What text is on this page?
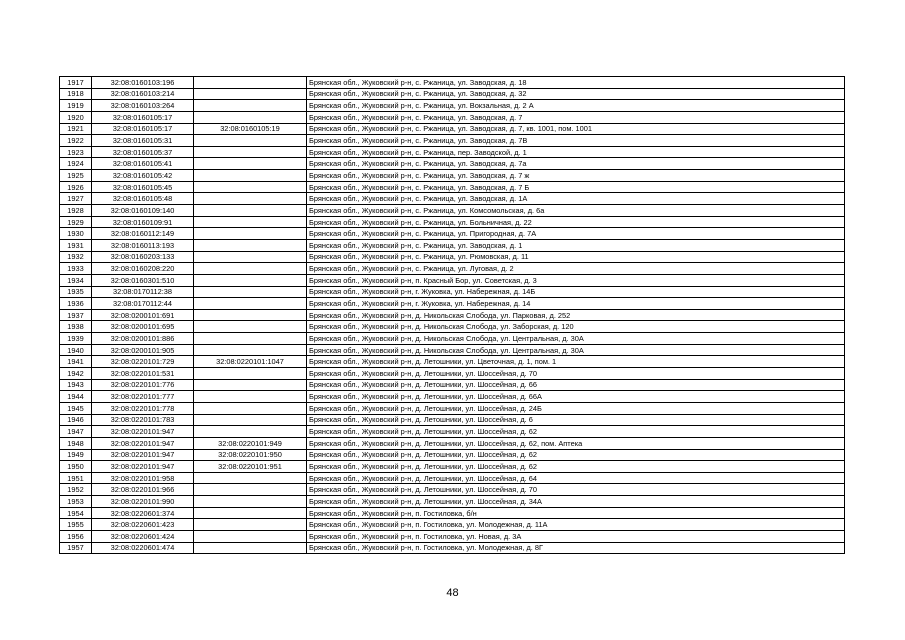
1917	32:08:0160103:196		Брянская обл., Жуковский р-н, с. Ржаница, ул. Заводская, д. 18
1918	32:08:0160103:214		Брянская обл., Жуковский р-н, с. Ржаница, ул. Заводская, д. 32
1919	32:08:0160103:264		Брянская обл., Жуковский р-н, с. Ржаница, ул. Вокзальная, д. 2 А
1920	32:08:0160105:17		Брянская обл., Жуковский р-н, с. Ржаница, ул. Заводская, д. 7
1921	32:08:0160105:17	32:08:0160105:19	Брянская обл., Жуковский р-н, с. Ржаница, ул. Заводская, д. 7, кв. 1001, пом. 1001
1922	32:08:0160105:31		Брянская обл., Жуковский р-н, с. Ржаница, ул. Заводская, д. 7В
1923	32:08:0160105:37		Брянская обл., Жуковский р-н, с. Ржаница, пер. Заводской, д. 1
1924	32:08:0160105:41		Брянская обл., Жуковский р-н, с. Ржаница, ул. Заводская, д. 7а
1925	32:08:0160105:42		Брянская обл., Жуковский р-н, с. Ржаница, ул. Заводская, д. 7 ж
1926	32:08:0160105:45		Брянская обл., Жуковский р-н, с. Ржаница, ул. Заводская, д. 7 Б
1927	32:08:0160105:48		Брянская обл., Жуковский р-н, с. Ржаница, ул. Заводская, д. 1А
1928	32:08:0160109:140		Брянская обл., Жуковский р-н, с. Ржаница, ул. Комсомольская, д. 6а
1929	32:08:0160109:91		Брянская обл., Жуковский р-н, с. Ржаница, ул. Больничная, д. 22
1930	32:08:0160112:149		Брянская обл., Жуковский р-н, с. Ржаница, ул. Пригородная, д. 7А
1931	32:08:0160113:193		Брянская обл., Жуковский р-н, с. Ржаница, ул. Заводская, д. 1
1932	32:08:0160203:133		Брянская обл., Жуковский р-н, с. Ржаница, ул. Рюмовская, д. 11
1933	32:08:0160208:220		Брянская обл., Жуковский р-н, с. Ржаница, ул. Луговая, д. 2
1934	32:08:0160301:510		Брянская обл., Жуковский р-н, п. Красный Бор, ул. Советская, д. 3
1935	32:08:0170112:38		Брянская обл., Жуковский р-н, г. Жуковка, ул. Набережная, д. 14Б
1936	32:08:0170112:44		Брянская обл., Жуковский р-н, г. Жуковка, ул. Набережная, д. 14
1937	32:08:0200101:691		Брянская обл., Жуковский р-н, д. Никольская Слобода, ул. Парковая, д. 252
1938	32:08:0200101:695		Брянская обл., Жуковский р-н, д. Никольская Слобода, ул. Заборская, д. 120
1939	32:08:0200101:886		Брянская обл., Жуковский р-н, д. Никольская Слобода, ул. Центральная, д. 30А
1940	32:08:0200101:905		Брянская обл., Жуковский р-н, д. Никольская Слобода, ул. Центральная, д. 30А
1941	32:08:0220101:729	32:08:0220101:1047	Брянская обл., Жуковский р-н, д. Летошники, ул. Цветочная, д. 1, пом. 1
1942	32:08:0220101:531		Брянская обл., Жуковский р-н, д. Летошники, ул. Шоссейная, д. 70
1943	32:08:0220101:776		Брянская обл., Жуковский р-н, д. Летошники, ул. Шоссейная, д. 66
1944	32:08:0220101:777		Брянская обл., Жуковский р-н, д. Летошники, ул. Шоссейная, д. 66А
1945	32:08:0220101:778		Брянская обл., Жуковский р-н, д. Летошники, ул. Шоссейная, д. 24Б
1946	32:08:0220101:783		Брянская обл., Жуковский р-н, д. Летошники, ул. Шоссейная, д. 6
1947	32:08:0220101:947		Брянская обл., Жуковский р-н, д. Летошники, ул. Шоссейная, д. 62
1948	32:08:0220101:947	32:08:0220101:949	Брянская обл., Жуковский р-н, д. Летошники, ул. Шоссейная, д. 62, пом. Аптека
1949	32:08:0220101:947	32:08:0220101:950	Брянская обл., Жуковский р-н, д. Летошники, ул. Шоссейная, д. 62
1950	32:08:0220101:947	32:08:0220101:951	Брянская обл., Жуковский р-н, д. Летошники, ул. Шоссейная, д. 62
1951	32:08:0220101:958		Брянская обл., Жуковский р-н, д. Летошники, ул. Шоссейная, д. 64
1952	32:08:0220101:966		Брянская обл., Жуковский р-н, д. Летошники, ул. Шоссейная, д. 70
1953	32:08:0220101:990		Брянская обл., Жуковский р-н, д. Летошники, ул. Шоссейная, д. 34А
1954	32:08:0220601:374		Брянская обл., Жуковский р-н, п. Гостиловка, б/н
1955	32:08:0220601:423		Брянская обл., Жуковский р-н, п. Гостиловка, ул. Молодежная, д. 11А
1956	32:08:0220601:424		Брянская обл., Жуковский р-н, п. Гостиловка, ул. Новая, д. 3А
1957	32:08:0220601:474		Брянская обл., Жуковский р-н, п. Гостиловка, ул. Молодежная, д. 8Г
48
